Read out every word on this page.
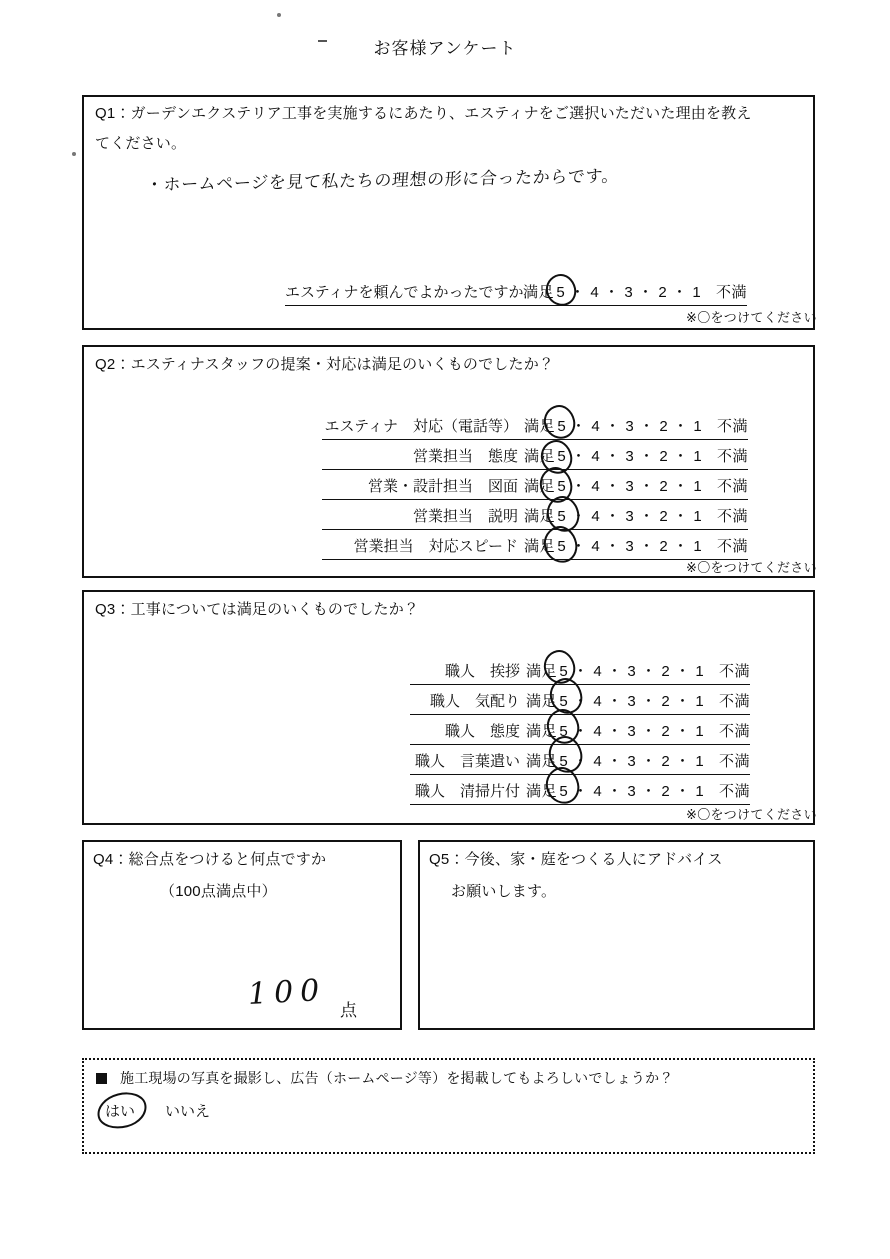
お客様アンケート
Q1：ガーデンエクステリア工事を実施するにあたり、エスティナをご選択いただいた理由を教え
てください。
・ホームページを見て私たちの理想の形に合ったからです。
エスティナを頼んでよかったですか 満足 5 ・ 4 ・ 3 ・ 2 ・ 1	不満
※〇をつけてください
Q2：エスティナスタッフの提案・対応は満足のいくものでしたか？
エスティナ　対応（電話等） 満足 5 ・ 4 ・ 3 ・ 2 ・ 1	不満
営業担当　態度 満足 5 ・ 4 ・ 3 ・ 2 ・ 1	不満
営業・設計担当　図面 満足 5 ・ 4 ・ 3 ・ 2 ・ 1	不満
営業担当　説明 満足 5 ・ 4 ・ 3 ・ 2 ・ 1	不満
営業担当　対応スピード 満足 5 ・ 4 ・ 3 ・ 2 ・ 1	不満
※〇をつけてください
Q3：工事については満足のいくものでしたか？
職人　挨拶 満足 5 ・ 4 ・ 3 ・ 2 ・ 1	不満
職人　気配り 満足 5 ・ 4 ・ 3 ・ 2 ・ 1	不満
職人　態度 満足 5 ・ 4 ・ 3 ・ 2 ・ 1	不満
職人　言葉遣い 満足 5 ・ 4 ・ 3 ・ 2 ・ 1	不満
職人　清掃片付 満足 5 ・ 4 ・ 3 ・ 2 ・ 1	不満
※〇をつけてください
Q4：総合点をつけると何点ですか
（100点満点中）
100 点
Q5：今後、家・庭をつくる人にアドバイス
お願いします。
施工現場の写真を撮影し、広告（ホームページ等）を掲載してもよろしいでしょうか？
はい いいえ
